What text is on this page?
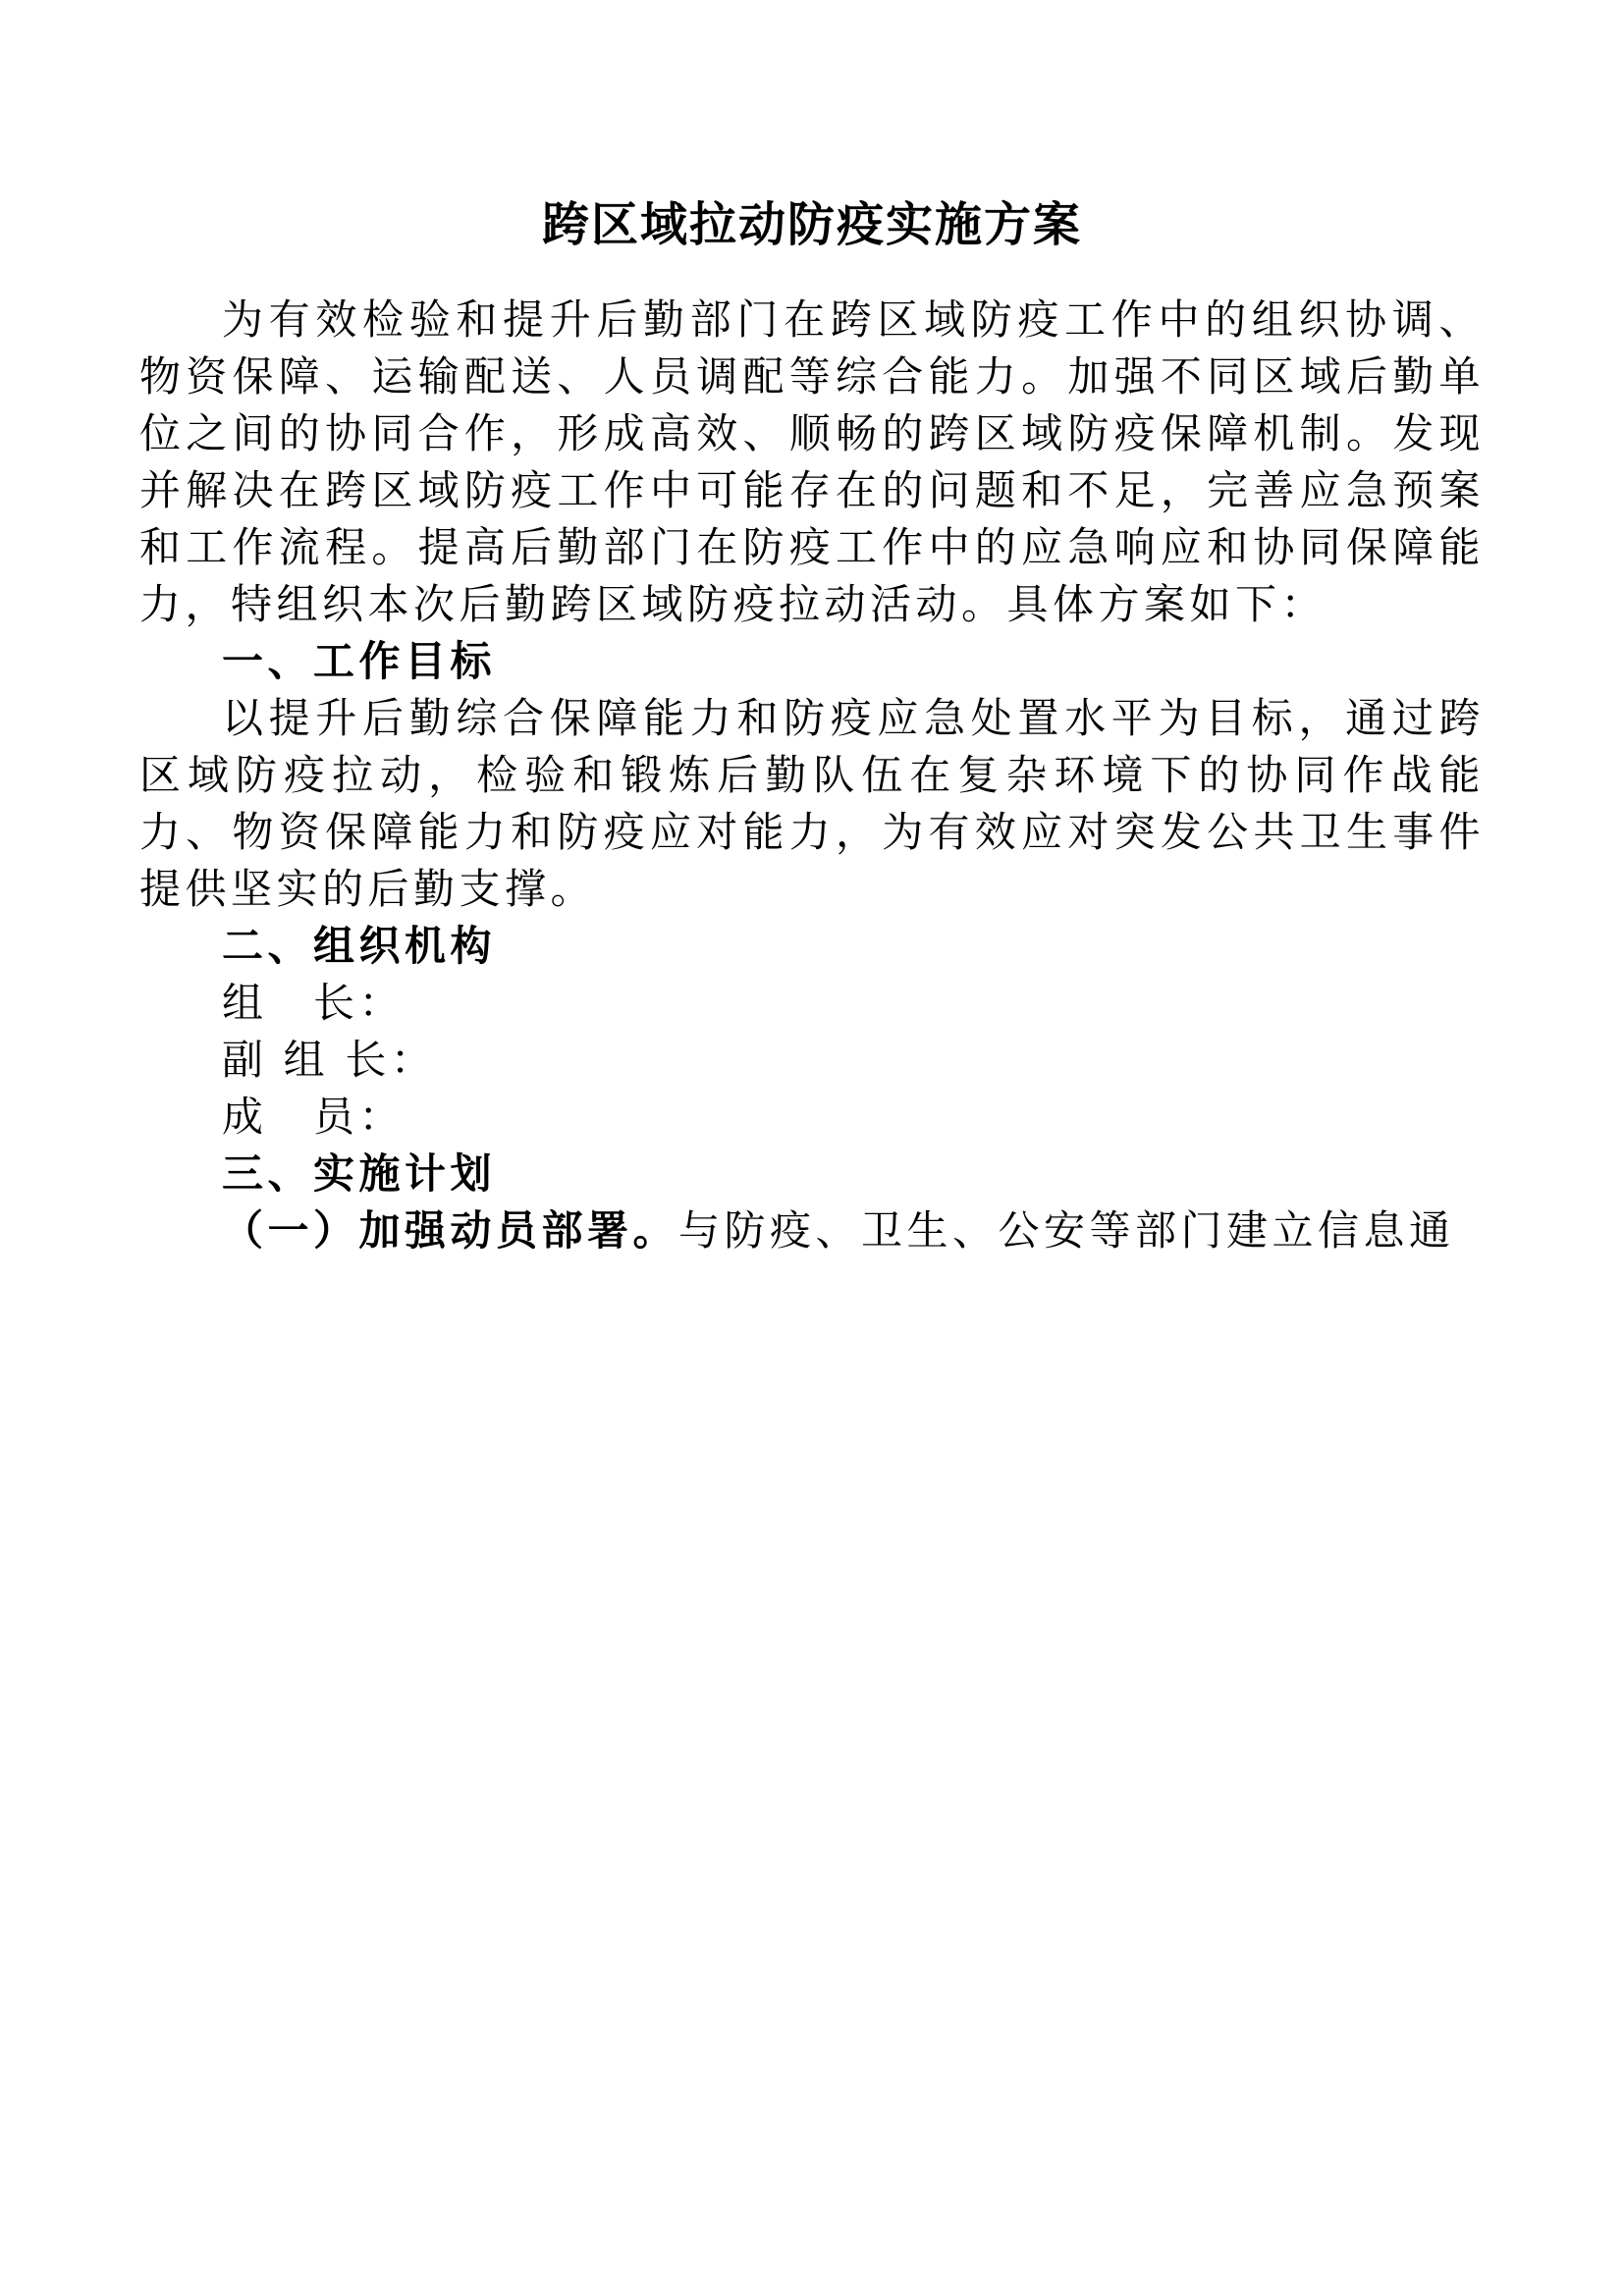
跨区域拉动防疫实施方案

为有效检验和提升后勤部门在跨区域防疫工作中的组织协调、物资保障、运输配送、人员调配等综合能力。加强不同区域后勤单位之间的协同合作，形成高效、顺畅的跨区域防疫保障机制。发现并解决在跨区域防疫工作中可能存在的问题和不足，完善应急预案和工作流程。提高后勤部门在防疫工作中的应急响应和协同保障能力，特组织本次后勤跨区域防疫拉动活动。具体方案如下：

一、工作目标

以提升后勤综合保障能力和防疫应急处置水平为目标，通过跨区域防疫拉动，检验和锻炼后勤队伍在复杂环境下的协同作战能力、物资保障能力和防疫应对能力，为有效应对突发公共卫生事件提供坚实的后勤支撑。

二、组织机构

组　长：

副 组 长：

成　员：

三、实施计划

（一）加强动员部署。与防疫、卫生、公安等部门建立信息通
